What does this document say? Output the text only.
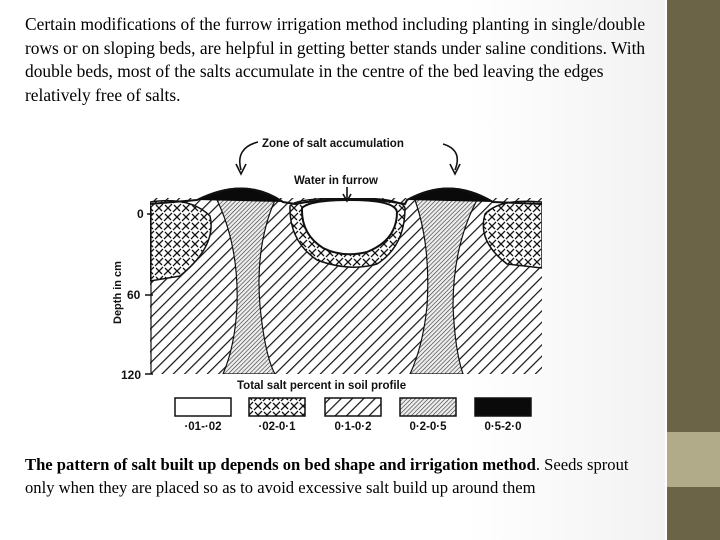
Certain modifications of the furrow irrigation method including planting in single/double rows or on sloping beds, are helpful in getting better stands under saline conditions. With double beds, most of the salts accumulate in the centre of the bed leaving the edges relatively free of salts.

Zone of salt accumulation
Water in furrow
Depth in cm
0
60
120
Total salt percent in soil profile
·01-·02	·02-0·1	0·1-0·2	0·2-0·5	0·5-2·0

The pattern of salt built up depends on bed shape and irrigation method. Seeds sprout only when they are placed so as to avoid excessive salt build up around them
